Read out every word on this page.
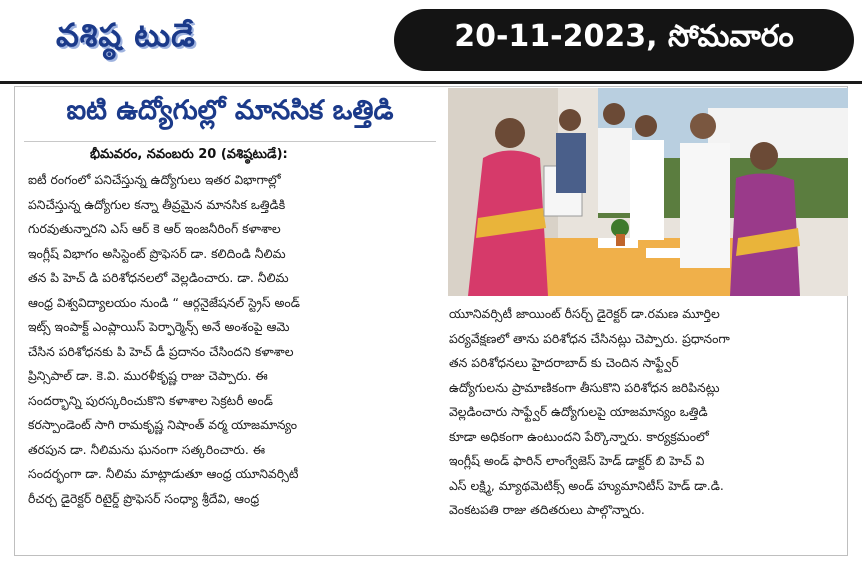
వశిష్ఠ టుడే	20-11-2023, సోమవారం
ఐటి ఉద్యోగుల్లో మానసిక ఒత్తిడి
భీమవరం, నవంబరు 20 (వశిష్ఠటుడే):
ఐటీ రంగంలో పనిచేస్తున్న ఉద్యోగులు ఇతర విభాగాల్లో
పనిచేస్తున్న ఉద్యోగుల కన్నా తీవ్రమైన మానసిక ఒత్తిడికి
గురవుతున్నారని ఎస్ ఆర్ కె ఆర్ ఇంజనీరింగ్ కళాశాల
ఇంగ్లీష్ విభాగం అసిస్టెంట్ ప్రొఫెసర్ డా. కలిదిండి నీలిమ
తన పి హెచ్ డి పరిశోధనలలో వెల్లడించారు. డా. నీలిమ
ఆంధ్ర విశ్వవిద్యాలయం నుండి “ ఆర్గనైజేషనల్ స్ట్రెస్ అండ్
ఇట్స్ ఇంపాక్ట్ ఎంప్లాయిస్ పెర్ఫార్మెన్స్ అనే అంశంపై ఆమె
చేసిన పరిశోధనకు పి హెచ్ డీ ప్రదానం చేసిందని కళాశాల
ప్రిన్సిపాల్ డా. కె.వి. మురళీకృష్ణ రాజు చెప్పారు. ఈ
సందర్భాన్ని పురస్కరించుకొని కళాశాల సెక్రటరీ అండ్
కరస్పాండెంట్ సాగి రామకృష్ణ నిషాంత్ వర్మ యాజమాన్యం
తరపున డా. నీలిమను ఘనంగా సత్కరించారు. ఈ
సందర్భంగా డా. నీలిమ మాట్లాడుతూ ఆంధ్ర యూనివర్సిటీ
రీచర్చ డైరెక్టర్ రిటైర్డ్ ప్రొఫెసర్ సంధ్యా శ్రీదేవి, ఆంధ్ర
యూనివర్సిటీ జాయింట్ రీసర్చ్ డైరెక్టర్ డా.రమణ మూర్తిల
పర్యవేక్షణలో తాను పరిశోధన చేసినట్లు చెప్పారు. ప్రధానంగా
తన పరిశోధనలు హైదరాబాద్ కు చెందిన సాఫ్ట్వేర్
ఉద్యోగులను ప్రామాణికంగా తీసుకొని పరిశోధన జరిపినట్లు
వెల్లడించారు సాఫ్ట్వేర్ ఉద్యోగులపై యాజమాన్యం ఒత్తిడి
కూడా అధికంగా ఉంటుందని పేర్కొన్నారు. కార్యక్రమంలో
ఇంగ్లీష్ అండ్ ఫారిన్ లాంగ్వేజెస్ హెడ్ డాక్టర్ బి హెచ్ వి
ఎస్ లక్ష్మి, మ్యాథమెటిక్స్ అండ్ హ్యుమానిటీస్ హెడ్ డా.డి.
వెంకటపతి రాజు తదితరులు పాల్గొన్నారు.
